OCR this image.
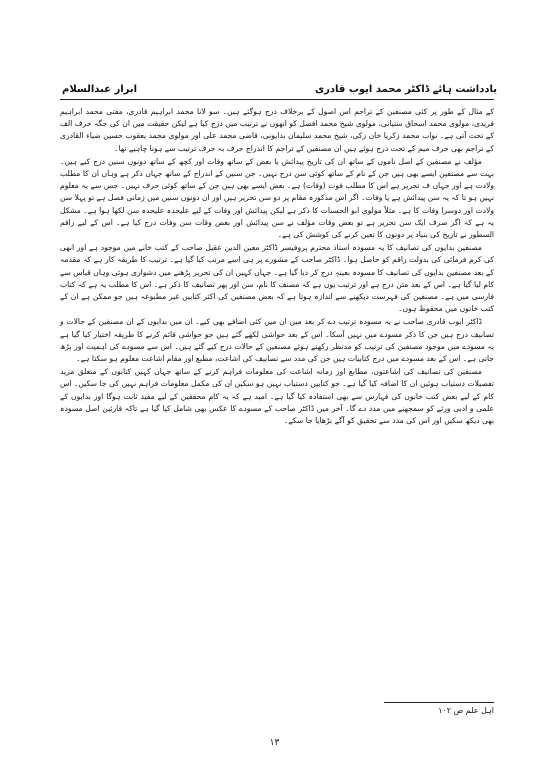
یادداشت ہائے ڈاکٹر محمد ایوب قادری
ابرار عبدالسلام

کے مثال کے طور پر کئی مصنفین کے تراجم اس اصول کے برخلاف درج ہوگئے ہیں۔ سو لانا محمد ابراہیم قادری، مفتی محمد ابراہیم فریدی، مولوی محمد اسحاق ستیانی، مولوی شیخ محمد افضل کو انھوں نے ترتیب میں درج کیا ہے لیکن حقیقت میں ان کی جگہ حرف الف کے تحت آتی ہے۔ نواب محمد زکریا خان زکی، شیخ محمد سلیمان بدایونی، قاضی محمد علی اور مولوی محمد یعقوب حسین ضیاء القادری کے تراجم بھی حرف میم کے تحت درج ہوئے ہیں ان مصنفین کے تراجم کا اندراج حرف بہ حرف ترتیب سے ہونا چاہیے تھا۔

مؤلف نے مصنفین کے اصل ناموں کے ساتھ ان کی تاریخ پیدائش یا بعض کے ساتھ وفات اور کچھ کے ساتھ دونوں سنین درج کیے ہیں۔ بہت سے مصنفین ایسے بھی ہیں جن کے نام کے ساتھ کوئی سن درج نہیں۔ جن سنین کے اندراج کے ساتھ جہاں ذکر ہے وہاں ان کا مطلب ولادت ہے اور جہاں ف تحریر ہے اس کا مطلب فوت (وفات) ہے۔ بعض ایسے بھی ہیں جن کے ساتھ کوئی حرف نہیں۔ جس سے یہ معلوم نہیں ہو تا کہ یہ سن پیدائش ہے یا وفات۔ اگر اس مذکورہ مقام پر دو سن تحریر ہیں اور ان دونوں سنین میں زمانی فصل ہے تو پہلا سن ولادت اور دوسرا وفات کا ہے۔ مثلاً مولوی ابو الحسنات کا ذکر ہے لیکن پیدائش اور وفات کے لیے علیحدہ علیحدہ سن لکھا ہوا ہے۔ مشکل یہ ہے کہ اگر صرف ایک سن تحریر ہے تو بعض وقات مؤلف نے سن پیدائش اور بعض وقات سن وفات درج کیا ہے۔ اس کے لیے راقم السطور نے تاریخ کی بنیاد پر دونوں کا تعین کرنے کی کوشش کی ہے۔

مصنفین بدایوں کی تصانیف کا یہ مسودہ استاذ محترم پروفیسر ڈاکٹر معین الدین عقیل صاحب کے کتب خانے میں موجود ہے اور انھی کی کرم فرمائی کی بدولت راقم کو حاصل ہوا۔ ڈاکٹر صاحب کے مشورے پر ہی اسے مرتب کیا گیا ہے۔ ترتیب کا طریقہ کار ہے کہ مقدمہ کے بعد مصنفین بدایوں کی تصانیف کا مسودہ بعینہٖ درج کر دیا گیا ہے۔ جہاں کہیں ان کی تحریر پڑھنے میں دشواری ہوئی وہاں قیاس سے کام لیا گیا ہے۔ اس کے بعد متن درج ہے اور ترتیب یوں ہے کہ مصنف کا نام، سن اور پھر تصانیف کا ذکر ہے۔ اس کا مطلب یہ ہے کہ کتاب فارسی میں ہے۔ مصنفین کی فہرست دیکھنے سے اندازہ ہوتا ہے کہ بعض مصنفین کی اکثر کتابیں غیر مطبوعہ ہیں جو ممکن ہے ان کے کتب خانوں میں محفوظ ہوں۔

ڈاکٹر ایوب قادری صاحب نے یہ مسودہ ترتیب دے کر بعد میں ان میں کئی اضافے بھی کیے۔ ان میں بدایوں کے ان مصنفین کے حالات و تصانیف درج ہیں جن کا ذکر مسودے میں نہیں آسکا۔ اس کے بعد حواشی لکھے گئے ہیں جو حواشی قائم کرنے کا طریقہ اختیار کیا گیا ہے یہ مسودے میں موجود مصنفین کی ترتیب کو مدنظر رکھتے ہوئے مصنفین کے حالات درج کیے گئے ہیں۔ اس سے مسودے کی اہمیت اور بڑھ جاتی ہے۔ اس کے بعد مسودے میں درج کتابیات ہیں جن کی مدد سے تصانیف کی اشاعت، مطبع اور مقام اشاعت معلوم ہو سکتا ہے۔

مصنفین کی تصانیف کی اشاعتوں، مطابع اور زمانہ اشاعت کی معلومات فراہم کرنے کے ساتھ جہاں کہیں کتابوں کے متعلق مزید تفصیلات دستیاب ہوئیں ان کا اضافہ کیا گیا ہے۔ جو کتابیں دستیاب نہیں ہو سکیں ان کی مکمل معلومات فراہم نہیں کی جا سکیں۔ اس کام کے لیے بعض کتب خانوں کی فہارس سے بھی استفادہ کیا گیا ہے۔ امید ہے کہ یہ کام محققین کے لیے مفید ثابت ہوگا اور بدایوں کے علمی و ادبی ورثے کو سمجھنے میں مدد دے گا۔ آخر میں ڈاکٹر صاحب کے مسودے کا عکس بھی شامل کیا گیا ہے تاکہ قارئین اصل مسودہ بھی دیکھ سکیں اور اس کی مدد سے تحقیق کو آگے بڑھایا جا سکے۔

اہل علم ص ۱۰۲
۱۳
